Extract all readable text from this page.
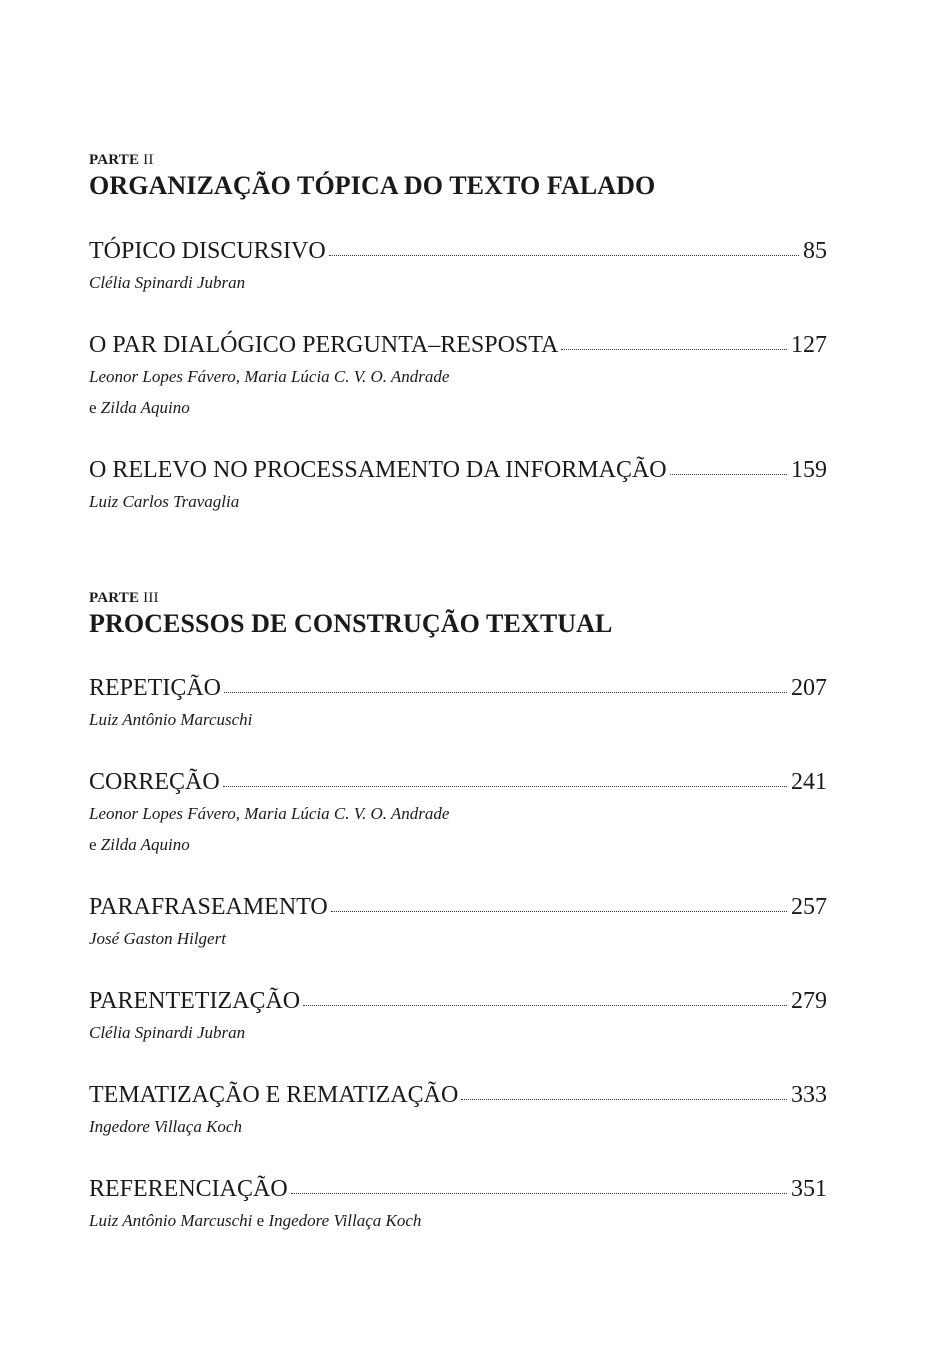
PARTE II
ORGANIZAÇÃO TÓPICA DO TEXTO FALADO
TÓPICO DISCURSIVO	85
Clélia Spinardi Jubran
O PAR DIALÓGICO PERGUNTA–RESPOSTA	127
Leonor Lopes Fávero, Maria Lúcia C. V. O. Andrade
e Zilda Aquino
O RELEVO NO PROCESSAMENTO DA INFORMAÇÃO	159
Luiz Carlos Travaglia
PARTE III
PROCESSOS DE CONSTRUÇÃO TEXTUAL
REPETIÇÃO	207
Luiz Antônio Marcuschi
CORREÇÃO	241
Leonor Lopes Fávero, Maria Lúcia C. V. O. Andrade
e Zilda Aquino
PARAFRASEAMENTO	257
José Gaston Hilgert
PARENTETIZAÇÃO	279
Clélia Spinardi Jubran
TEMATIZAÇÃO E REMATIZAÇÃO	333
Ingedore Villaça Koch
REFERENCIAÇÃO	351
Luiz Antônio Marcuschi e Ingedore Villaça Koch
